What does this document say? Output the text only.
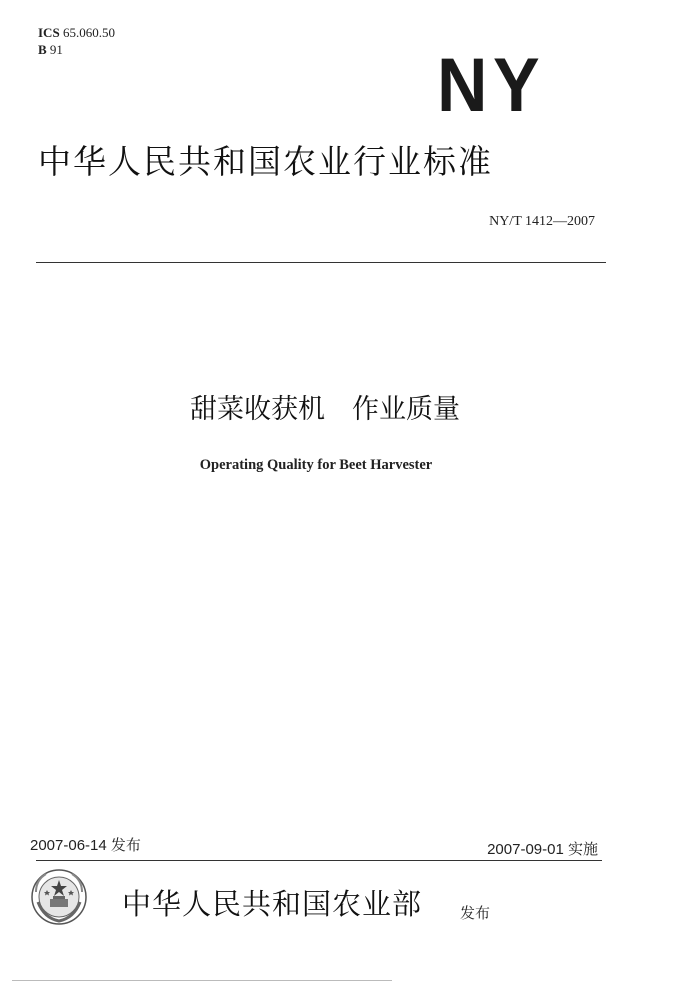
ICS 65.060.50
B 91	NY
中华人民共和国农业行业标准
NY/T 1412—2007
甜菜收获机　作业质量
Operating Quality for Beet Harvester
2007-06-14 发布	2007-09-01 实施
中华人民共和国农业部	发布
